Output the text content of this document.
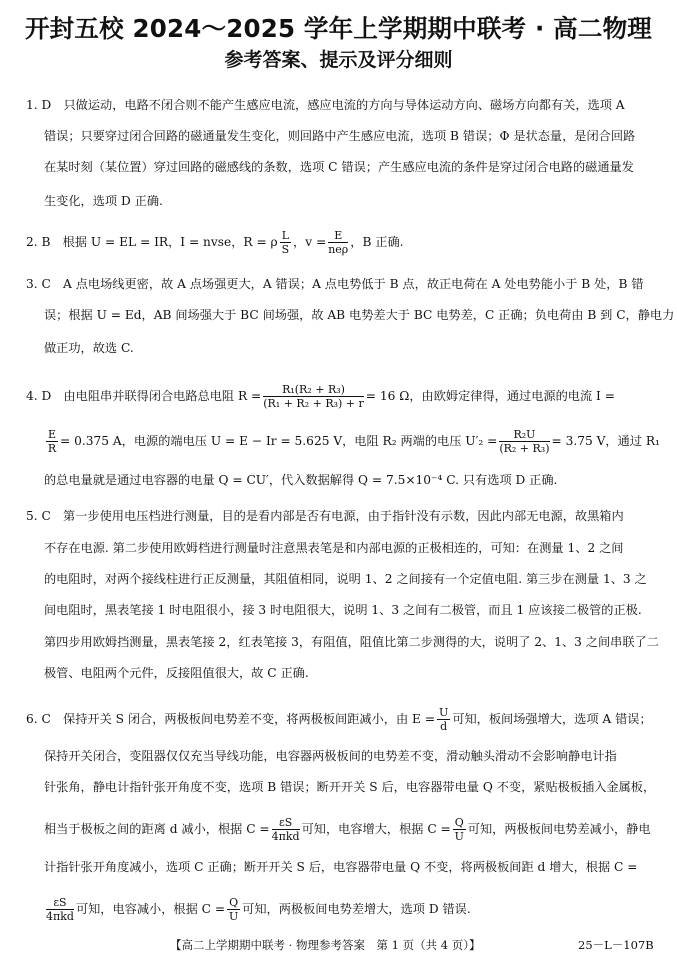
开封五校 2024～2025 学年上学期期中联考 · 高二物理
参考答案、提示及评分细则
1. D　只做运动，电路不闭合则不能产生感应电流，感应电流的方向与导体运动方向、磁场方向都有关，选项 A
错误；只要穿过闭合回路的磁通量发生变化，则回路中产生感应电流，选项 B 错误；Φ 是状态量，是闭合回路
在某时刻（某位置）穿过回路的磁感线的条数，选项 C 错误；产生感应电流的条件是穿过闭合电路的磁通量发
生变化，选项 D 正确.
2. B　根据 U = EL = IR，I = nvse，R = ρ $\frac{L}{S}$ ，$v = \frac{E}{\text{neρ}}$ ，B 正确.
3. C　A 点电场线更密，故 A 点场强更大，A 错误；A 点电势低于 B 点，故正电荷在 A 处电势能小于 B 处，B 错
误；根据 U = Ed，AB 间场强大于 BC 间场强，故 AB 电势差大于 BC 电势差，C 正确；负电荷由 B 到 C，静电力
做正功，故选 C.
4. D　由电阻串并联得闭合电路总电阻 $R = \frac{\text{R₁(R₂ + R₃)}}{\text{(R₁ + R₂ + R₃) + r}} = 16$ Ω，由欧姆定律得，通过电源的电流 I =
$\frac{E}{R} = 0.375$ A，电源的端电压 U = E − Ir = 5.625 V，电阻 R₂ 两端的电压 $U'_2 = \frac{\text{R₂U}}{\text{(R₂ + R₃)}} = 3.75$ V，通过 R₁
的总电量就是通过电容器的电量 Q = CU′，代入数据解得 Q = 7.5×10⁻⁴ C. 只有选项 D 正确.
5. C　第一步使用电压档进行测量，目的是看内部是否有电源，由于指针没有示数，因此内部无电源，故黑箱内
不存在电源. 第二步使用欧姆档进行测量时注意黑表笔是和内部电源的正极相连的，可知：在测量 1、2 之间
的电阻时，对两个接线柱进行正反测量，其阻值相同，说明 1、2 之间接有一个定值电阻. 第三步在测量 1、3 之
间电阻时，黑表笔接 1 时电阻很小，接 3 时电阻很大，说明 1、3 之间有二极管，而且 1 应该接二极管的正极.
第四步用欧姆挡测量，黑表笔接 2，红表笔接 3，有阻值，阻值比第二步测得的大，说明了 2、1、3 之间串联了二
极管、电阻两个元件，反接阻值很大，故 C 正确.
6. C　保持开关 S 闭合，两极板间电势差不变，将两极板间距减小，由 $E = \frac{U}{d}$ 可知，板间场强增大，选项 A 错误；
保持开关闭合，变阻器仅仅充当导线功能，电容器两极板间的电势差不变，滑动触头滑动不会影响静电计指
针张角，静电计指针张开角度不变，选项 B 错误；断开开关 S 后，电容器带电量 Q 不变，紧贴极板插入金属板，
相当于极板之间的距离 d 减小，根据 $C = \frac{\varepsilon S}{\text{4πkd}}$ 可知，电容增大，根据 $C = \frac{Q}{U}$ 可知，两极板间电势差减小，静电
计指针张开角度减小，选项 C 正确；断开开关 S 后，电容器带电量 Q 不变，将两极板间距 d 增大，根据 C =
$\frac{\varepsilon S}{\text{4πkd}}$ 可知，电容减小，根据 $C = \frac{Q}{U}$ 可知，两极板间电势差增大，选项 D 错误.
【高二上学期期中联考 · 物理参考答案　第 1 页（共 4 页）】	25－L－107B
